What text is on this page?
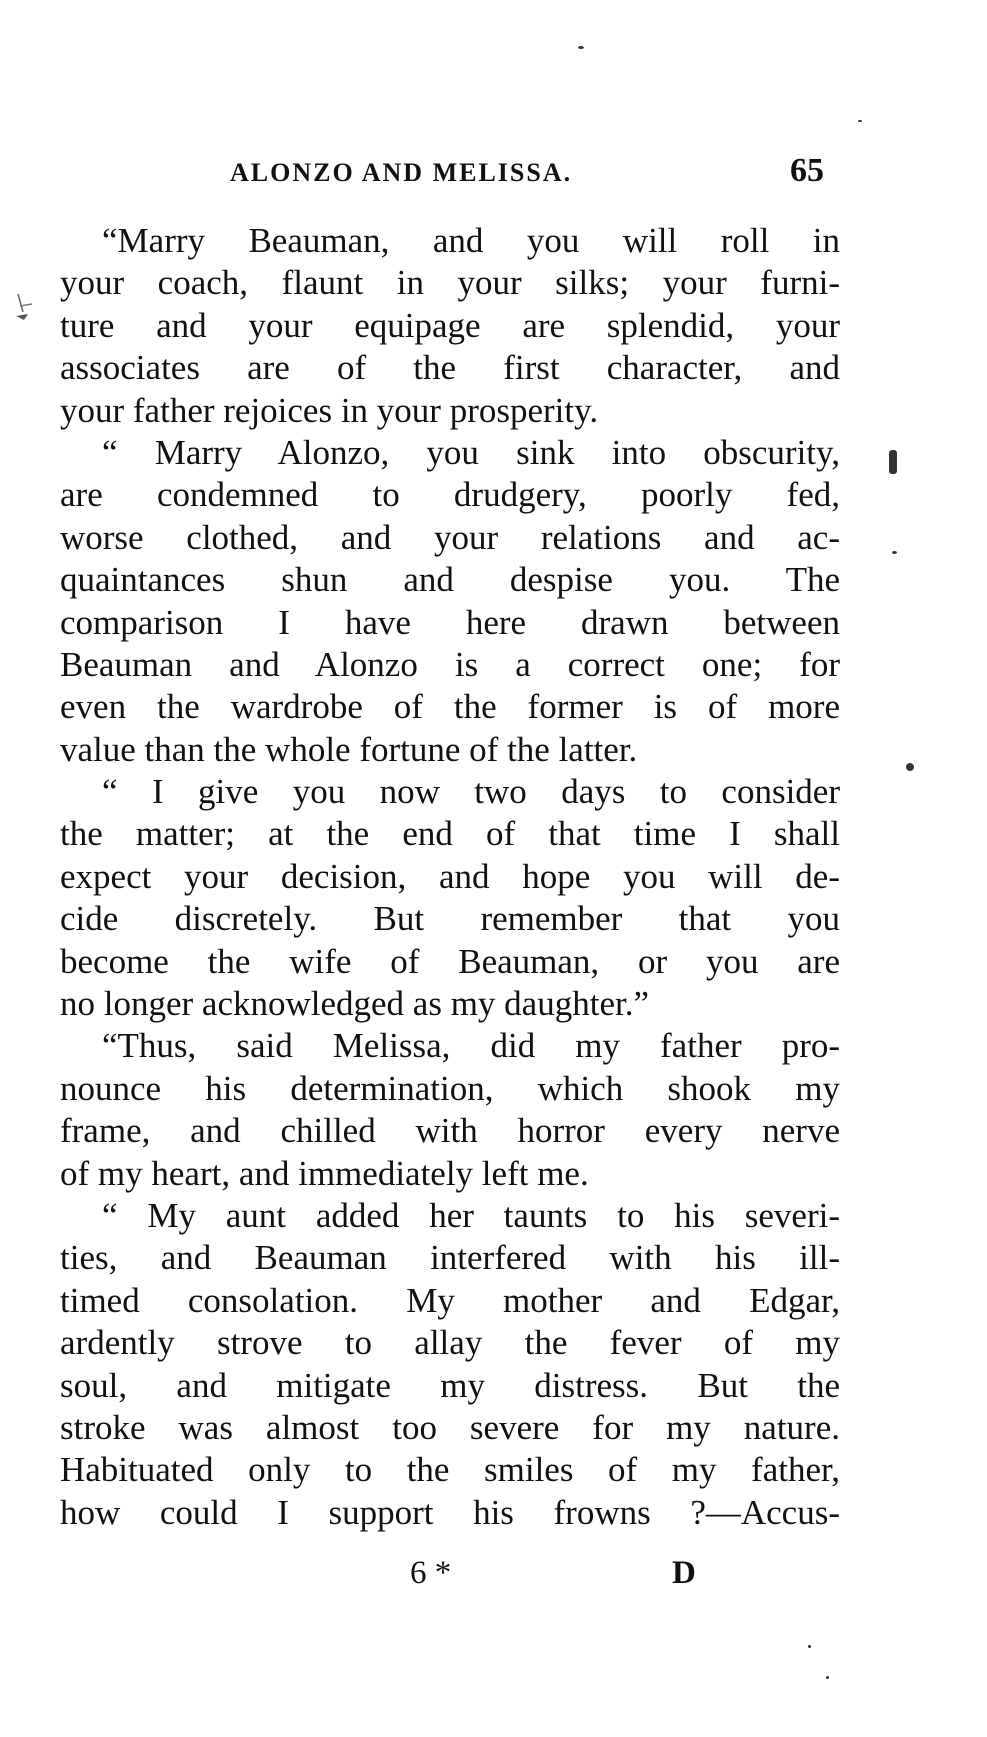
ALONZO AND MELISSA.	65
“Marry Beauman, and you will roll in
your coach, flaunt in your silks; your furni-
ture and your equipage are splendid, your
associates are of the first character, and
your father rejoices in your prosperity.
“ Marry Alonzo, you sink into obscurity,
are condemned to drudgery, poorly fed,
worse clothed, and your relations and ac-
quaintances shun and despise you. The
comparison I have here drawn between
Beauman and Alonzo is a correct one; for
even the wardrobe of the former is of more
value than the whole fortune of the latter.
“ I give you now two days to consider
the matter; at the end of that time I shall
expect your decision, and hope you will de-
cide discretely. But remember that you
become the wife of Beauman, or you are
no longer acknowledged as my daughter.”
“Thus, said Melissa, did my father pro-
nounce his determination, which shook my
frame, and chilled with horror every nerve
of my heart, and immediately left me.
“ My aunt added her taunts to his severi-
ties, and Beauman interfered with his ill-
timed consolation. My mother and Edgar,
ardently strove to allay the fever of my
soul, and mitigate my distress. But the
stroke was almost too severe for my nature.
Habituated only to the smiles of my father,
how could I support his frowns ?—Accus-
6 *	D
